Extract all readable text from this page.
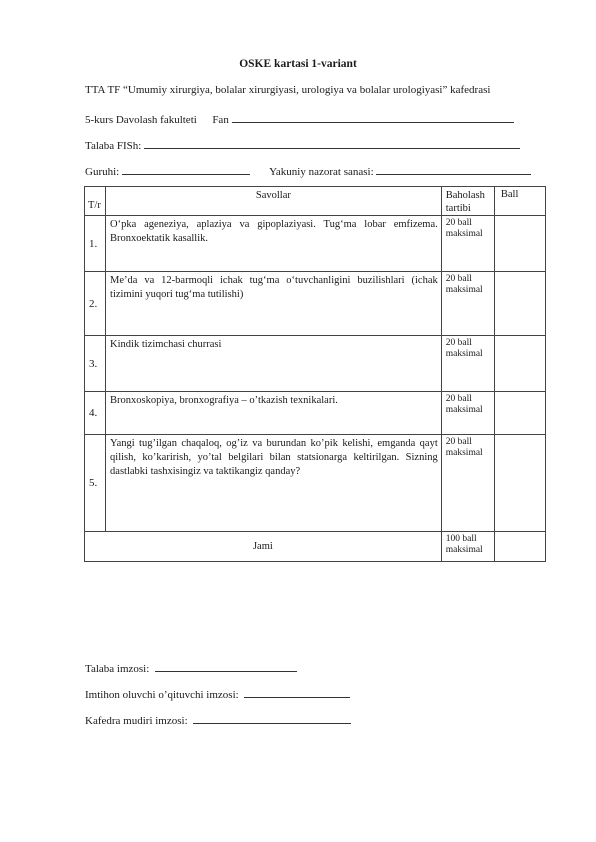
OSKE kartasi 1-variant
TTA TF “Umumiy xirurgiya, bolalar xirurgiyasi, urologiya va bolalar urologiyasi” kafedrasi
5-kurs Davolash fakulteti Fan
Talaba FISh:
Guruhi:	Yakuniy nazorat sanasi:
T/r	Savollar	Baholash tartibi	Ball
1.	O‘pka ageneziya, aplaziya va gipoplaziyasi. Tug‘ma lobar emfizema. Bronxoektatik kasallik.	20 ball maksimal	
2.	Me’da va 12-barmoqli ichak tug‘ma o‘tuvchanligini buzilishlari (ichak tizimini yuqori tug‘ma tutilishi)	20 ball maksimal	
3.	Kindik tizimchasi churrasi	20 ball maksimal	
4.	Bronxoskopiya, bronxografiya – o’tkazish texnikalari.	20 ball maksimal	
5.	Yangi tug’ilgan chaqaloq, og’iz va burundan ko’pik kelishi, emganda qayt qilish, ko’karirish, yo’tal belgilari bilan statsionarga keltirilgan. Sizning dastlabki tashxisingiz va taktikangiz qanday?	20 ball maksimal	
Jami		100 ball maksimal	
Talaba imzosi:
Imtihon oluvchi o’qituvchi imzosi:
Kafedra mudiri imzosi:
